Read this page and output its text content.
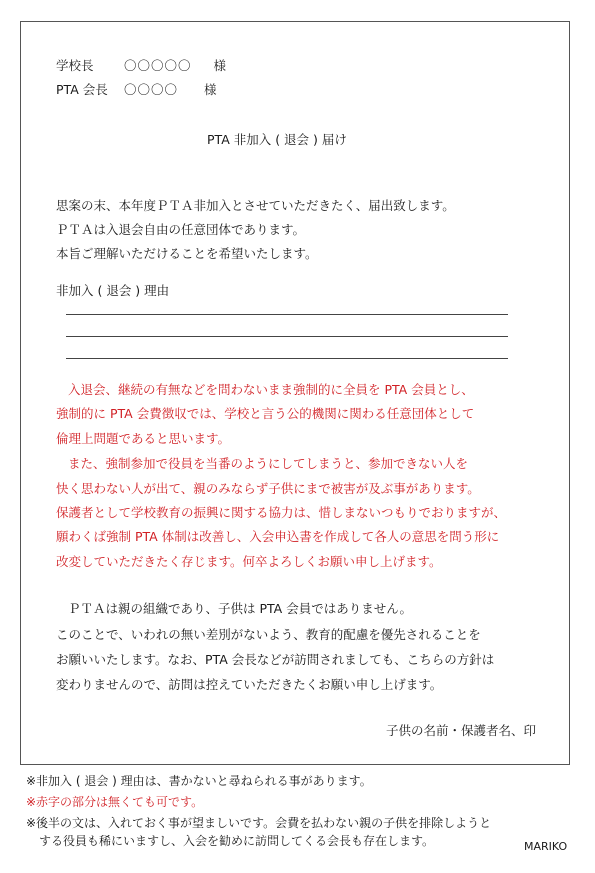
学校長 〇〇〇〇〇 様
PTA 会長 〇〇〇〇 様
PTA 非加入 ( 退会 ) 届け
思案の末、本年度ＰＴＡ非加入とさせていただきたく、届出致します。
ＰＴＡは入退会自由の任意団体であります。
本旨ご理解いただけることを希望いたします。
非加入 ( 退会 ) 理由
入退会、継続の有無などを問わないまま強制的に全員を PTA 会員とし、
強制的に PTA 会費徴収では、学校と言う公的機関に関わる任意団体として
倫理上問題であると思います。
また、強制参加で役員を当番のようにしてしまうと、参加できない人を
快く思わない人が出て、親のみならず子供にまで被害が及ぶ事があります。
保護者として学校教育の振興に関する協力は、惜しまないつもりでおりますが、
願わくば強制 PTA 体制は改善し、入会申込書を作成して各人の意思を問う形に
改変していただきたく存じます。何卒よろしくお願い申し上げます。
ＰＴＡは親の組織であり、子供は PTA 会員ではありません。
このことで、いわれの無い差別がないよう、教育的配慮を優先されることを
お願いいたします。なお、PTA 会長などが訪問されましても、こちらの方針は
変わりませんので、訪問は控えていただきたくお願い申し上げます。
子供の名前・保護者名、印
※非加入 ( 退会 ) 理由は、書かないと尋ねられる事があります。
※赤字の部分は無くても可です。
※後半の文は、入れておく事が望ましいです。会費を払わない親の子供を排除しようと
する役員も稀にいますし、入会を勧めに訪問してくる会長も存在します。	MARIKO
